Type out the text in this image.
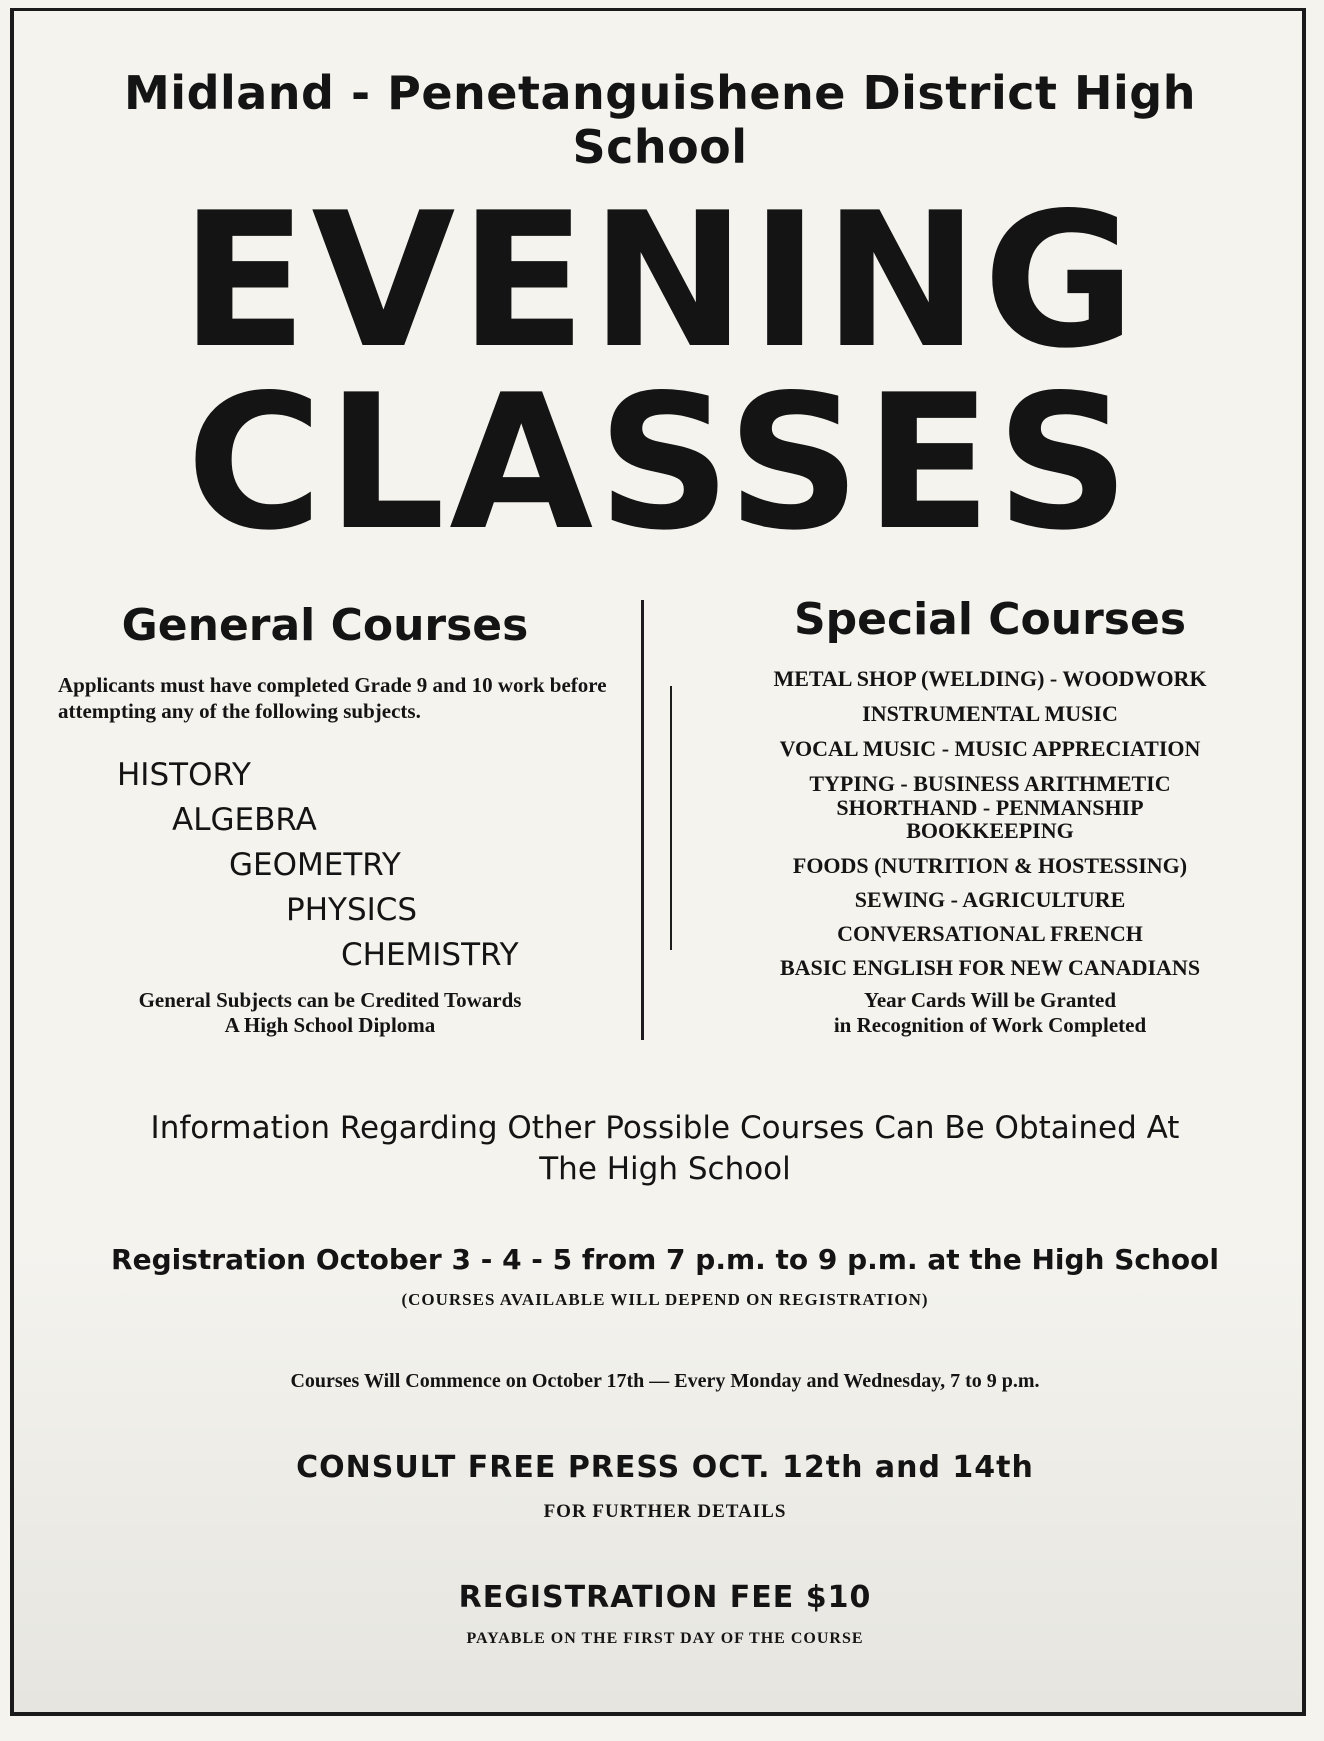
Midland - Penetanguishene District High School
EVENING
CLASSES
General Courses
Applicants must have completed Grade 9 and 10 work before attempting any of the following subjects.
HISTORY
ALGEBRA
GEOMETRY
PHYSICS
CHEMISTRY
General Subjects can be Credited Towards
A High School Diploma
Special Courses
METAL SHOP (WELDING) - WOODWORK
INSTRUMENTAL MUSIC
VOCAL MUSIC - MUSIC APPRECIATION
TYPING - BUSINESS ARITHMETIC
SHORTHAND - PENMANSHIP
BOOKKEEPING
FOODS (NUTRITION & HOSTESSING)
SEWING - AGRICULTURE
CONVERSATIONAL FRENCH
BASIC ENGLISH FOR NEW CANADIANS
Year Cards Will be Granted
in Recognition of Work Completed
Information Regarding Other Possible Courses Can Be Obtained At
The High School
Registration October 3 - 4 - 5 from 7 p.m. to 9 p.m. at the High School
(COURSES AVAILABLE WILL DEPEND ON REGISTRATION)
Courses Will Commence on October 17th — Every Monday and Wednesday, 7 to 9 p.m.
CONSULT FREE PRESS OCT. 12th and 14th
FOR FURTHER DETAILS
REGISTRATION FEE $10
PAYABLE ON THE FIRST DAY OF THE COURSE
